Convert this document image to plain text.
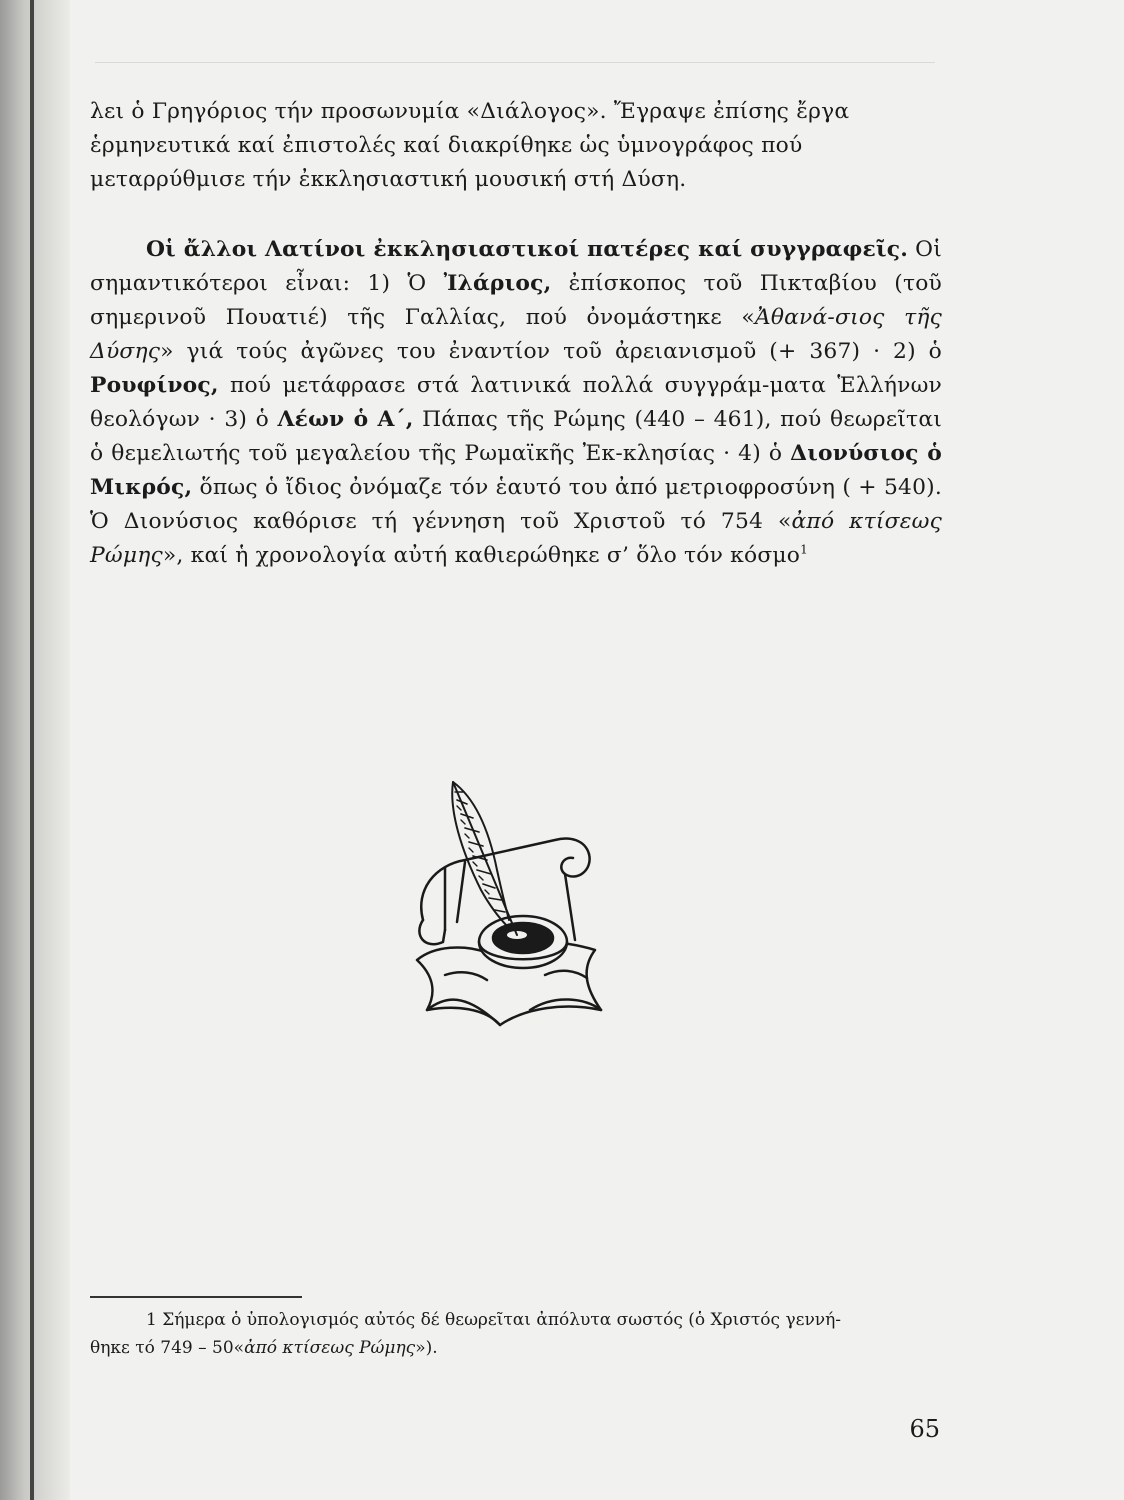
λει ὁ Γρηγόριος τήν προσωνυμία «Διάλογος». Ἔγραψε ἐπίσης ἔργα
ἑρμηνευτικά καί ἐπιστολές καί διακρίθηκε ὡς ὑμνογράφος πού
μεταρρύθμισε τήν ἐκκλησιαστική μουσική στή Δύση.

Οἱ ἄλλοι Λατίνοι ἐκκλησιαστικοί πατέρες καί συγγραφεῖς. Οἱ σημαντικότεροι εἶναι: 1) Ὁ Ἰλάριος, ἐπίσκοπος τοῦ Πικταβίου (τοῦ σημερινοῦ Πουατιέ) τῆς Γαλλίας, πού ὀνομάστηκε «Ἀθανά-σιος τῆς Δύσης» γιά τούς ἀγῶνες του ἐναντίον τοῦ ἀρειανισμοῦ (+ 367) · 2) ὁ Ρουφίνος, πού μετάφρασε στά λατινικά πολλά συγγράμ-ματα Ἑλλήνων θεολόγων · 3) ὁ Λέων ὁ Α΄, Πάπας τῆς Ρώμης (440 – 461), πού θεωρεῖται ὁ θεμελιωτής τοῦ μεγαλείου τῆς Ρωμαϊκῆς Ἐκ-κλησίας · 4) ὁ Διονύσιος ὁ Μικρός, ὅπως ὁ ἴδιος ὀνόμαζε τόν ἑαυτό του ἀπό μετριοφροσύνη ( + 540). Ὁ Διονύσιος καθόρισε τή γέννηση τοῦ Χριστοῦ τό 754 «ἀπό κτίσεως Ρώμης», καί ἡ χρονολογία αὐτή καθιερώθηκε σ’ ὅλο τόν κόσμο$^1$

1 Σήμερα ὁ ὑπολογισμός αὐτός δέ θεωρεῖται ἀπόλυτα σωστός (ὁ Χριστός γεννή-
θηκε τό 749 – 50«ἀπό κτίσεως Ρώμης»).
65
